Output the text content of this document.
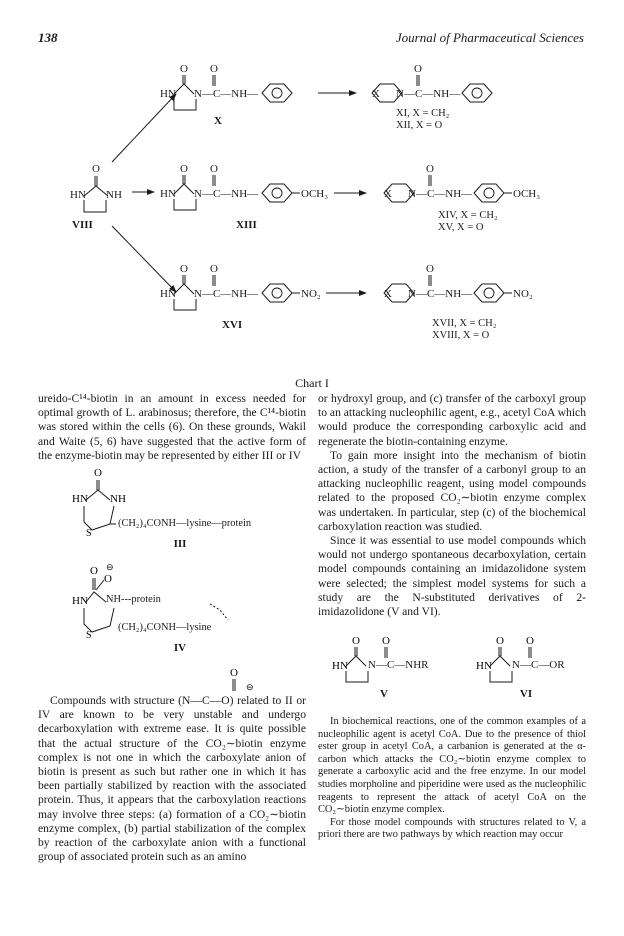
138	Journal of Pharmaceutical Sciences
O
HN NH
VIII
O O
HN N—C—NH—
X
O
X N—C—NH—
XI, X = CH₂
XII, X = O
O O
HN N—C—NH—	OCH₃
XIII
O
X N—C—NH—	OCH₃
XIV, X = CH₂
XV, X = O
O O
HN N—C—NH—	NO₂
XVI
O
X N—C—NH—	NO₂
XVII, X = CH₂
XVIII, X = O
Chart I

ureido-C¹⁴-biotin in an amount in excess needed for optimal growth of L. arabinosus; therefore, the C¹⁴-biotin was stored within the cells (6). On these grounds, Wakil and Waite (5, 6) have suggested that the active form of the enzyme-biotin may be represented by either III or IV

O
HN NH
S
(CH₂)₄CONH—lysine—protein
III
O ⊖
O
HN
S
NH---protein
(CH₂)₄CONH—lysine
IV
O
⊖

Compounds with structure (N—C—O) related to II or IV are known to be very unstable and undergo decarboxylation with extreme ease. It is quite possible that the actual structure of the CO₂∼biotin enzyme complex is not one in which the carboxylate anion of biotin is present as such but rather one in which it has been partially stabilized by reaction with the associated protein. Thus, it appears that the carboxylation reactions may involve three steps: (a) formation of a CO₂∼biotin enzyme complex, (b) partial stabilization of the complex by reaction of the carboxylate anion with a functional group of associated protein such as an amino

or hydroxyl group, and (c) transfer of the carboxyl group to an attacking nucleophilic agent, e.g., acetyl CoA which would produce the corresponding carboxylic acid and regenerate the biotin-containing enzyme.

To gain more insight into the mechanism of biotin action, a study of the transfer of a carbonyl group to an attacking nucleophilic reagent, using model compounds related to the proposed CO₂∼biotin enzyme complex was undertaken. In particular, step (c) of the biochemical carboxylation reaction was studied.

Since it was essential to use model compounds which would not undergo spontaneous decarboxylation, certain model compounds containing an imidazolidone system were selected; the simplest model systems for such a study are the N-substituted derivatives of 2-imidazolidone (V and VI).

O O
HN
O O
HN
N—C—NHR	N—C—OR
V	VI

In biochemical reactions, one of the common examples of a nucleophilic agent is acetyl CoA. Due to the presence of thiol ester group in acetyl CoA, a carbanion is generated at the α-carbon which attacks the CO₂∼biotin enzyme complex to generate a carboxylic acid and the free enzyme. In our model studies morpholine and piperidine were used as the nucleophilic reagents to represent the attack of acetyl CoA on the CO₂∼biotin enzyme complex.

For those model compounds with structures related to V, a priori there are two pathways by which reaction may occur
